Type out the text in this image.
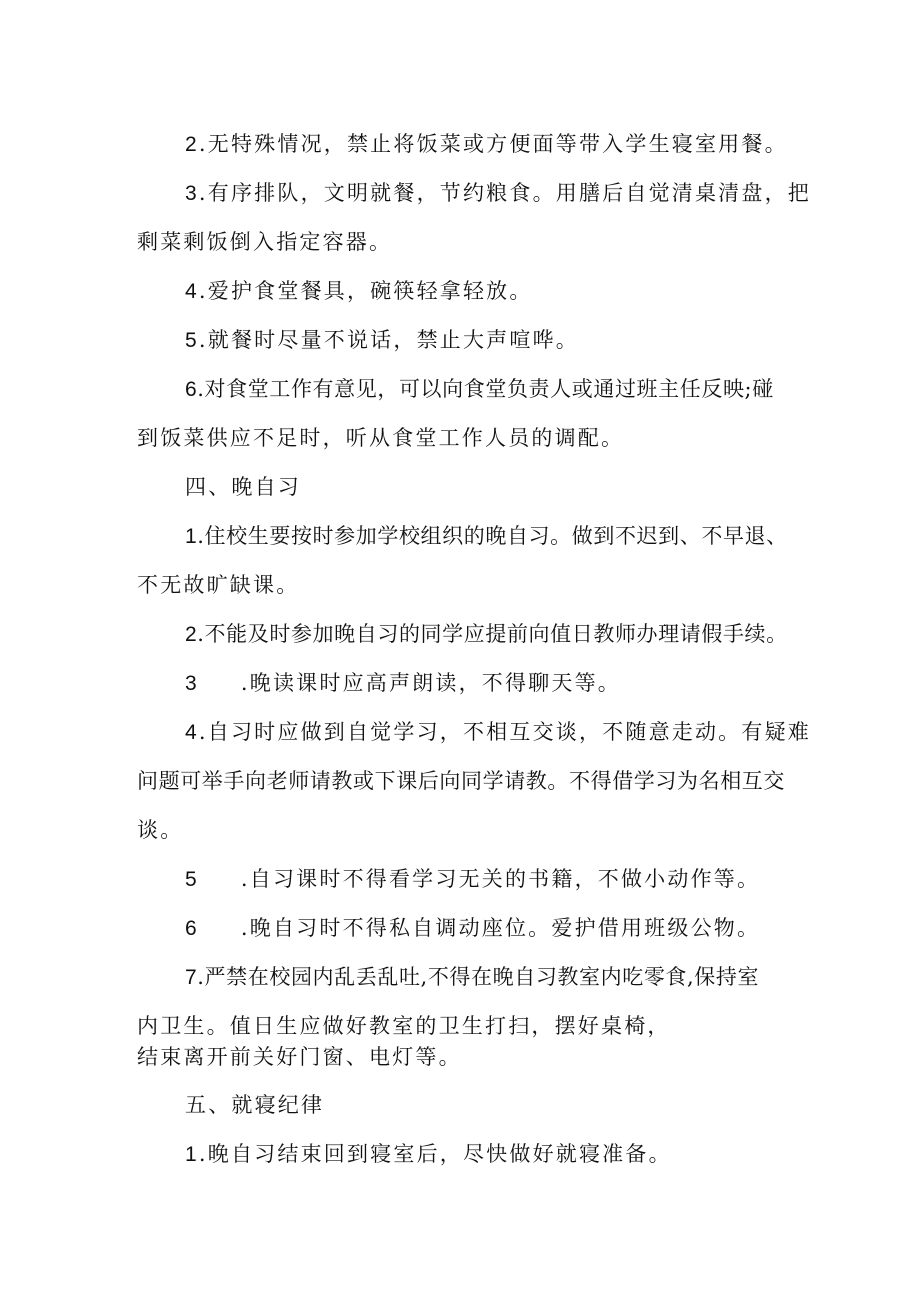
2.无特殊情况，禁止将饭菜或方便面等带入学生寝室用餐。
3.有序排队，文明就餐，节约粮食。用膳后自觉清桌清盘，把
剩菜剩饭倒入指定容器。
4.爱护食堂餐具，碗筷轻拿轻放。
5.就餐时尽量不说话，禁止大声喧哗。
6.对食堂工作有意见，可以向食堂负责人或通过班主任反映;碰
到饭菜供应不足时，听从食堂工作人员的调配。
四、晚自习
1.住校生要按时参加学校组织的晚自习。做到不迟到、不早退、
不无故旷缺课。
2.不能及时参加晚自习的同学应提前向值日教师办理请假手续。
3 .晚读课时应高声朗读，不得聊天等。
4.自习时应做到自觉学习，不相互交谈，不随意走动。有疑难
问题可举手向老师请教或下课后向同学请教。不得借学习为名相互交
谈。
5 .自习课时不得看学习无关的书籍，不做小动作等。
6 .晚自习时不得私自调动座位。爱护借用班级公物。
7.严禁在校园内乱丢乱吐,不得在晚自习教室内吃零食,保持室
内卫生。值日生应做好教室的卫生打扫，摆好桌椅，
结束离开前关好门窗、电灯等。
五、就寝纪律
1.晚自习结束回到寝室后，尽快做好就寝准备。
